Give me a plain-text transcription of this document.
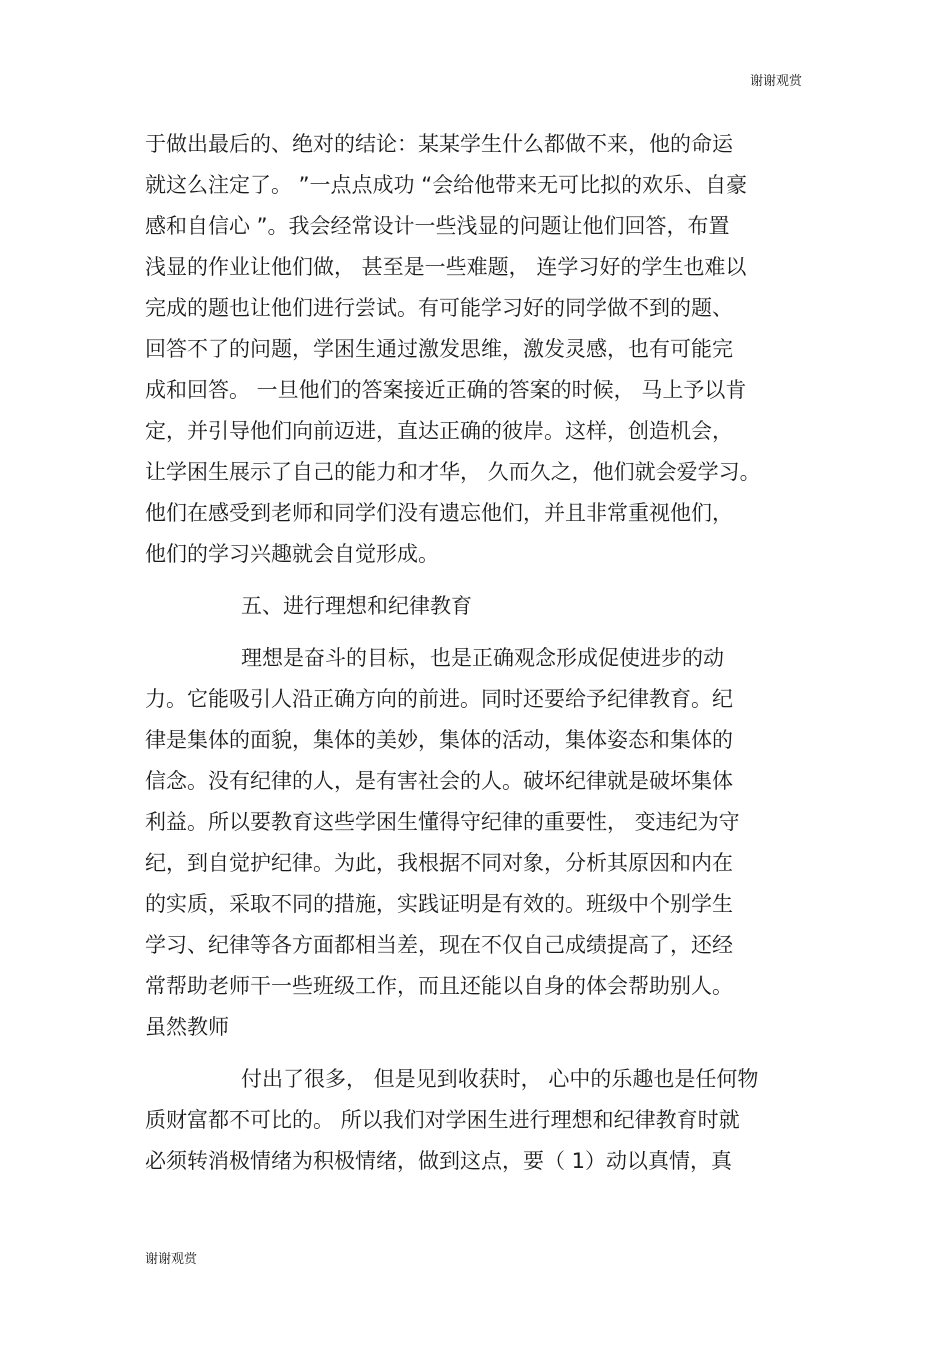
谢谢观赏
于做出最后的、绝对的结论：某某学生什么都做不来，他的命运
就这么注定了。 ”一点点成功 “会给他带来无可比拟的欢乐、自豪
感和自信心 ”。我会经常设计一些浅显的问题让他们回答，布置
浅显的作业让他们做， 甚至是一些难题， 连学习好的学生也难以
完成的题也让他们进行尝试。有可能学习好的同学做不到的题、
回答不了的问题，学困生通过激发思维，激发灵感，也有可能完
成和回答。 一旦他们的答案接近正确的答案的时候， 马上予以肯
定，并引导他们向前迈进，直达正确的彼岸。这样，创造机会，
让学困生展示了自己的能力和才华， 久而久之，他们就会爱学习。
他们在感受到老师和同学们没有遗忘他们，并且非常重视他们，
他们的学习兴趣就会自觉形成。
五、进行理想和纪律教育
理想是奋斗的目标，也是正确观念形成促使进步的动
力。它能吸引人沿正确方向的前进。同时还要给予纪律教育。纪
律是集体的面貌，集体的美妙，集体的活动，集体姿态和集体的
信念。没有纪律的人，是有害社会的人。破坏纪律就是破坏集体
利益。所以要教育这些学困生懂得守纪律的重要性， 变违纪为守
纪，到自觉护纪律。为此，我根据不同对象，分析其原因和内在
的实质，采取不同的措施，实践证明是有效的。班级中个别学生
学习、纪律等各方面都相当差，现在不仅自己成绩提高了，还经
常帮助老师干一些班级工作，而且还能以自身的体会帮助别人。
虽然教师
付出了很多， 但是见到收获时， 心中的乐趣也是任何物
质财富都不可比的。 所以我们对学困生进行理想和纪律教育时就
必须转消极情绪为积极情绪，做到这点，要（ 1）动以真情，真
谢谢观赏
